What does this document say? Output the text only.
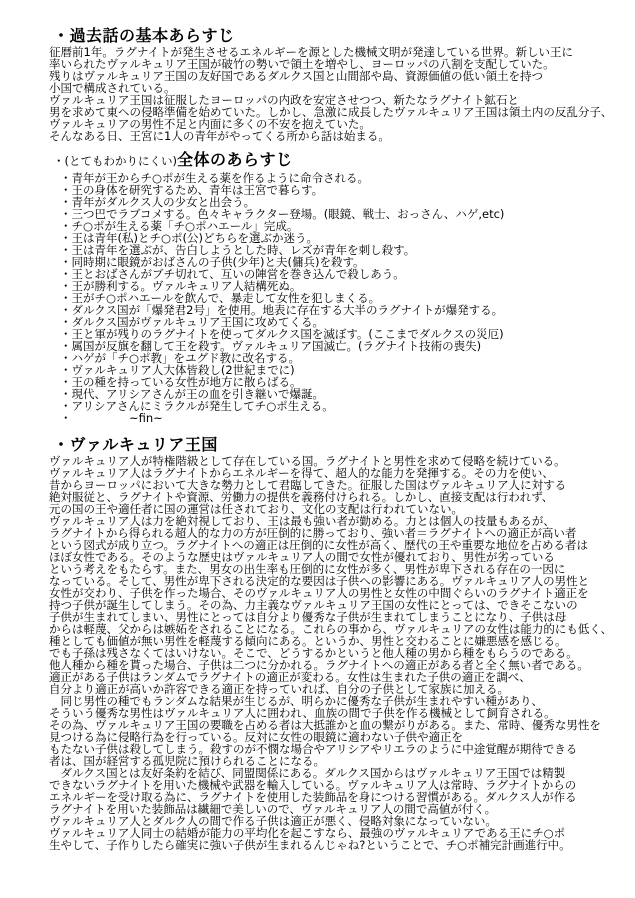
・過去話の基本あらすじ
征暦前1年。ラグナイトが発生させるエネルギーを源とした機械文明が発達している世界。新しい王に
率いられたヴァルキュリア王国が破竹の勢いで領土を増やし、ヨーロッパの八割を支配していた。
残りはヴァルキュリア王国の友好国であるダルクス国と山間部や島、資源価値の低い領土を持つ
小国で構成されている。
ヴァルキュリア王国は征服したヨーロッパの内政を安定させつつ、新たなラグナイト鉱石と
男を求めて東への侵略準備を始めていた。しかし、急激に成長したヴァルキュリア王国は領土内の反乱分子、
ヴァルキュリアの男性不足と内面に多くの不安を抱えていた。
そんなある日、王宮に1人の青年がやってくる所から話は始まる。
・(とてもわかりにくい)全体のあらすじ
・青年が王からチ○ポが生える薬を作るように命令される。
・王の身体を研究するため、青年は王宮で暮らす。
・青年がダルクス人の少女と出会う。
・三つ巴でラブコメする。色々キャラクター登場。(眼鏡、戦士、おっさん、ハゲ,etc)
・チ○ポが生える薬「チ○ポハエール」完成。
・王は青年(私)とチ○ポ(公)どちらを選ぶか迷う。
・王は青年を選ぶが、告白しようとした時、レズが青年を刺し殺す。
・同時期に眼鏡がおばさんの子供(少年)と夫(傭兵)を殺す。
・王とおばさんがブチ切れて、互いの陣営を巻き込んで殺しあう。
・王が勝利する。ヴァルキュリア人結構死ぬ。
・王がチ○ポハエールを飲んで、暴走して女性を犯しまくる。
・ダルクス国が「爆発君2号」を使用。地表に存在する大半のラグナイトが爆発する。
・ダルクス国がヴァルキュリア王国に攻めてくる。
・王と軍が残りのラグナイトを使ってダルクス国を滅ぼす。(ここまでダルクスの災厄)
・属国が反旗を翻して王を殺す。ヴァルキュリア国滅亡。(ラグナイト技術の喪失)
・ハゲが「チ○ポ教」をユグド教に改名する。
・ヴァルキュリア人大体皆殺し(2世紀までに)
・王の種を持っている女性が地方に散らばる。
・現代、アリシアさんが王の血を引き継いで爆誕。
・アリシアさんにミラクルが発生してチ○ポ生える。
・　　　　　~fin~
・ヴァルキュリア王国
ヴァルキュリア人が特権階級として存在している国。ラグナイトと男性を求めて侵略を続けている。
ヴァルキュリア人はラグナイトからエネルギーを得て、超人的な能力を発揮する。その力を使い、
昔からヨーロッパにおいて大きな勢力として君臨してきた。征服した国はヴァルキュリア人に対する
絶対服従と、ラグナイトや資源、労働力の提供を義務付けられる。しかし、直接支配は行われず、
元の国の王や適任者に国の運営は任されており、文化の支配は行われていない。
ヴァルキュリア人は力を絶対視しており、王は最も強い者が勤める。力とは個人の技量もあるが、
ラグナイトから得られる超人的な力の方が圧倒的に勝っており、強い者＝ラグナイトへの適正が高い者
という図式が成り立つ。ラグナイトへの適正は圧倒的に女性が高く、歴代の王や重要な地位を占める者は
ほぼ女性である。そのような歴史はヴァルキュリア人の間で女性が優れており、男性が劣っている
という考えをもたらす。また、男女の出生率も圧倒的に女性が多く、男性が卑下される存在の一因に
なっている。そして、男性が卑下される決定的な要因は子供への影響にある。ヴァルキュリア人の男性と
女性が交わり、子供を作った場合、そのヴァルキュリア人の男性と女性の中間ぐらいのラグナイト適正を
持つ子供が誕生してしまう。その為、力主義なヴァルキュリア王国の女性にとっては、できそこないの
子供が生まれてしまい、男性にとっては自分より優秀な子供が生まれてしまうことになり、子供は母
からは軽蔑、父からは嫉妬をされることになる。これらの事から、ヴァルキュリアの女性は能力的にも低く、
種としても価値が無い男性を軽蔑する傾向にある。というか、男性と交わることに嫌悪感を感じる。
でも子孫は残さなくてはいけない。そこで、どうするかというと他人種の男から種をもらうのである。
他人種から種を貰った場合、子供は二つに分かれる。ラグナイトへの適正がある者と全く無い者である。
適正がある子供はランダムでラグナイトの適正が変わる。女性は生まれた子供の適正を調べ、
自分より適正が高いか許容できる適正を持っていれば、自分の子供として家族に加える。
　同じ男性の種でもランダムな結果が生じるが、明らかに優秀な子供が生まれやすい種があり、
そういう優秀な男性はヴァルキュリア人に囲われ、血族の間で子供を作る機械として飼育される。
その為、ヴァルキュリア王国の要職を占める者は大抵誰かと血の繋がりがある。また、常時、優秀な男性を
見つける為に侵略行為を行っている。反対に女性の眼鏡に適わない子供や適正を
もたない子供は殺してしまう。殺すのが不憫な場合やアリシアやリエラのように中途覚醒が期待できる
者は、国が経営する孤児院に預けられることになる。
　ダルクス国とは友好条約を結び、同盟関係にある。ダルクス国からはヴァルキュリア王国では精製
できないラグナイトを用いた機械や武器を輸入している。ヴァルキュリア人は常時、ラグナイトからの
エネルギーを受け取る為に、ラグナイトを使用した装飾品を身につける習慣がある。ダルクス人が作る
ラグナイトを用いた装飾品は繊細で美しいので、ヴァルキュリア人の間で高値が付く。
ヴァルキュリア人とダルク人の間で作る子供は適正が悪く、侵略対象になっていない。
ヴァルキュリア人同士の結婚が能力の平均化を起こすなら、最強のヴァルキュリアである王にチ○ポ
生やして、子作りしたら確実に強い子供が生まれるんじゃね?ということで、チ○ポ補完計画進行中。
